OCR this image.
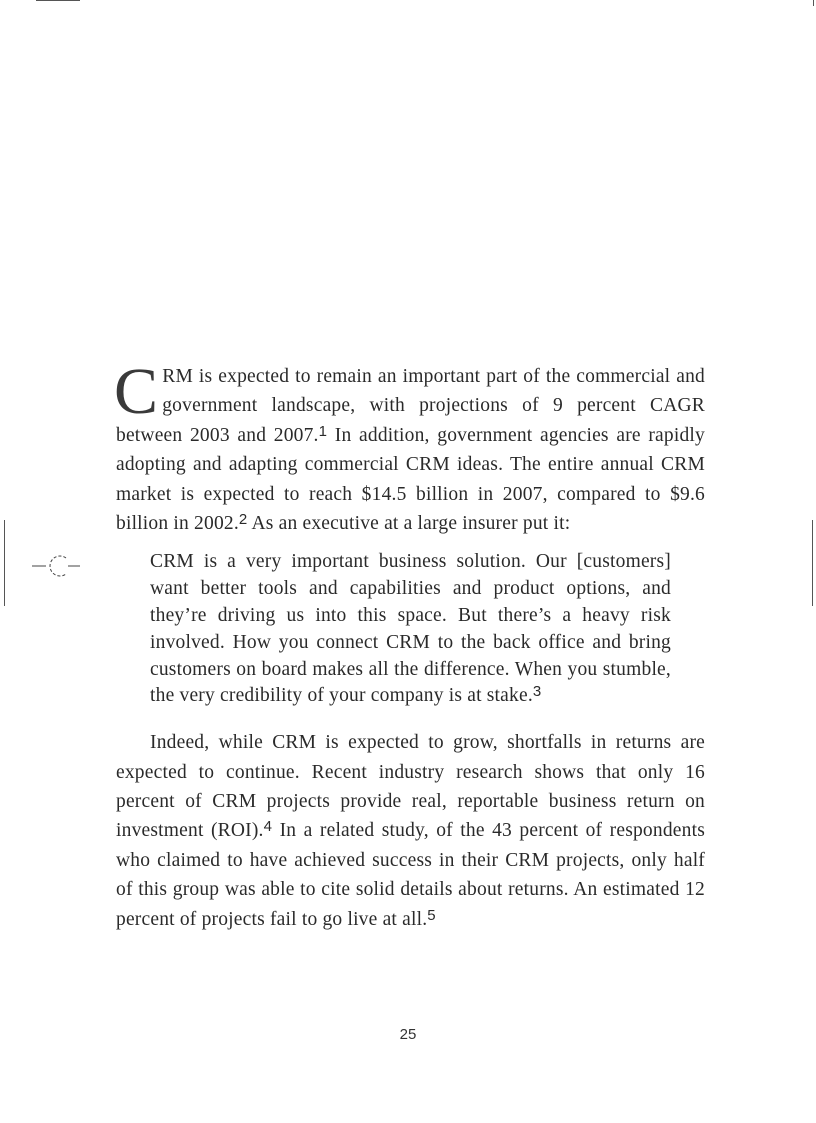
CRM is expected to remain an important part of the commercial and government landscape, with projections of 9 percent CAGR between 2003 and 2007.$^1$ In addition, government agencies are rapidly adopting and adapting commercial CRM ideas. The entire annual CRM market is expected to reach $14.5 billion in 2007, compared to $9.6 billion in 2002.$^2$ As an executive at a large insurer put it:

CRM is a very important business solution. Our [customers] want better tools and capabilities and product options, and they’re driving us into this space. But there’s a heavy risk involved. How you connect CRM to the back office and bring customers on board makes all the difference. When you stumble, the very credibility of your company is at stake.$^3$

Indeed, while CRM is expected to grow, shortfalls in returns are expected to continue. Recent industry research shows that only 16 percent of CRM projects provide real, reportable business return on investment (ROI).$^4$ In a related study, of the 43 percent of respondents who claimed to have achieved success in their CRM projects, only half of this group was able to cite solid details about returns. An estimated 12 percent of projects fail to go live at all.$^5$

25
